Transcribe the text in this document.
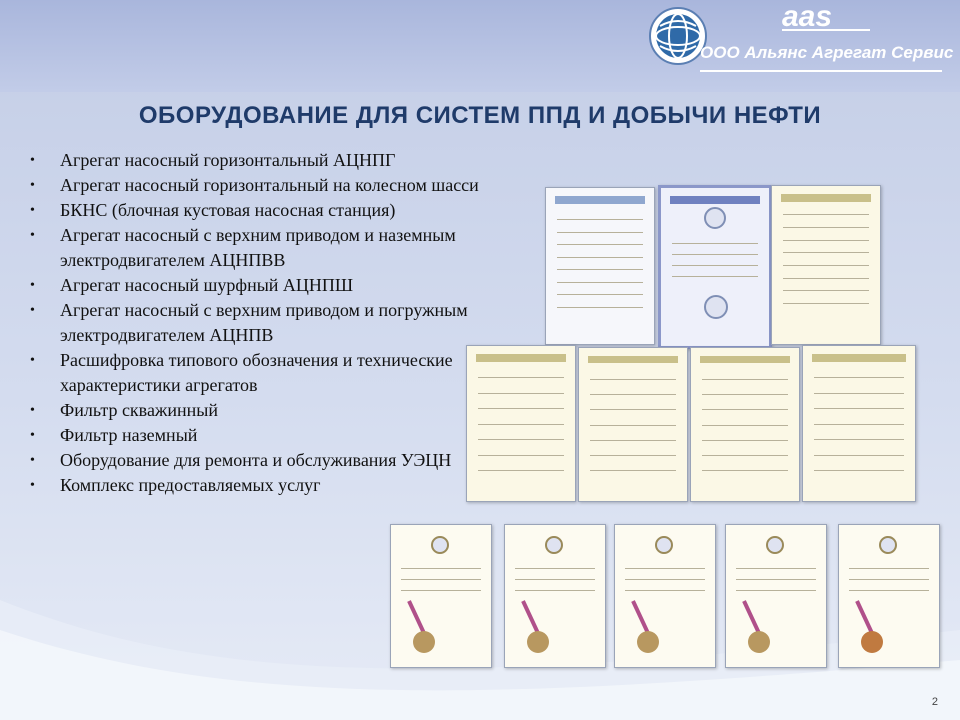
aas
ООО Альянс Агрегат Сервис
ОБОРУДОВАНИЕ ДЛЯ СИСТЕМ ППД И ДОБЫЧИ НЕФТИ
• Агрегат насосный горизонтальный АЦНПГ
• Агрегат насосный горизонтальный на колесном шасси
• БКНС (блочная кустовая насосная станция)
• Агрегат насосный с верхним приводом и наземным электродвигателем АЦНПВВ
• Агрегат насосный шурфный АЦНПШ
• Агрегат насосный с верхним приводом и погружным электродвигателем АЦНПВ
• Расшифровка типового обозначения и технические характеристики агрегатов
• Фильтр скважинный
• Фильтр наземный
• Оборудование для ремонта и обслуживания УЭЦН
• Комплекс предоставляемых услуг
2
